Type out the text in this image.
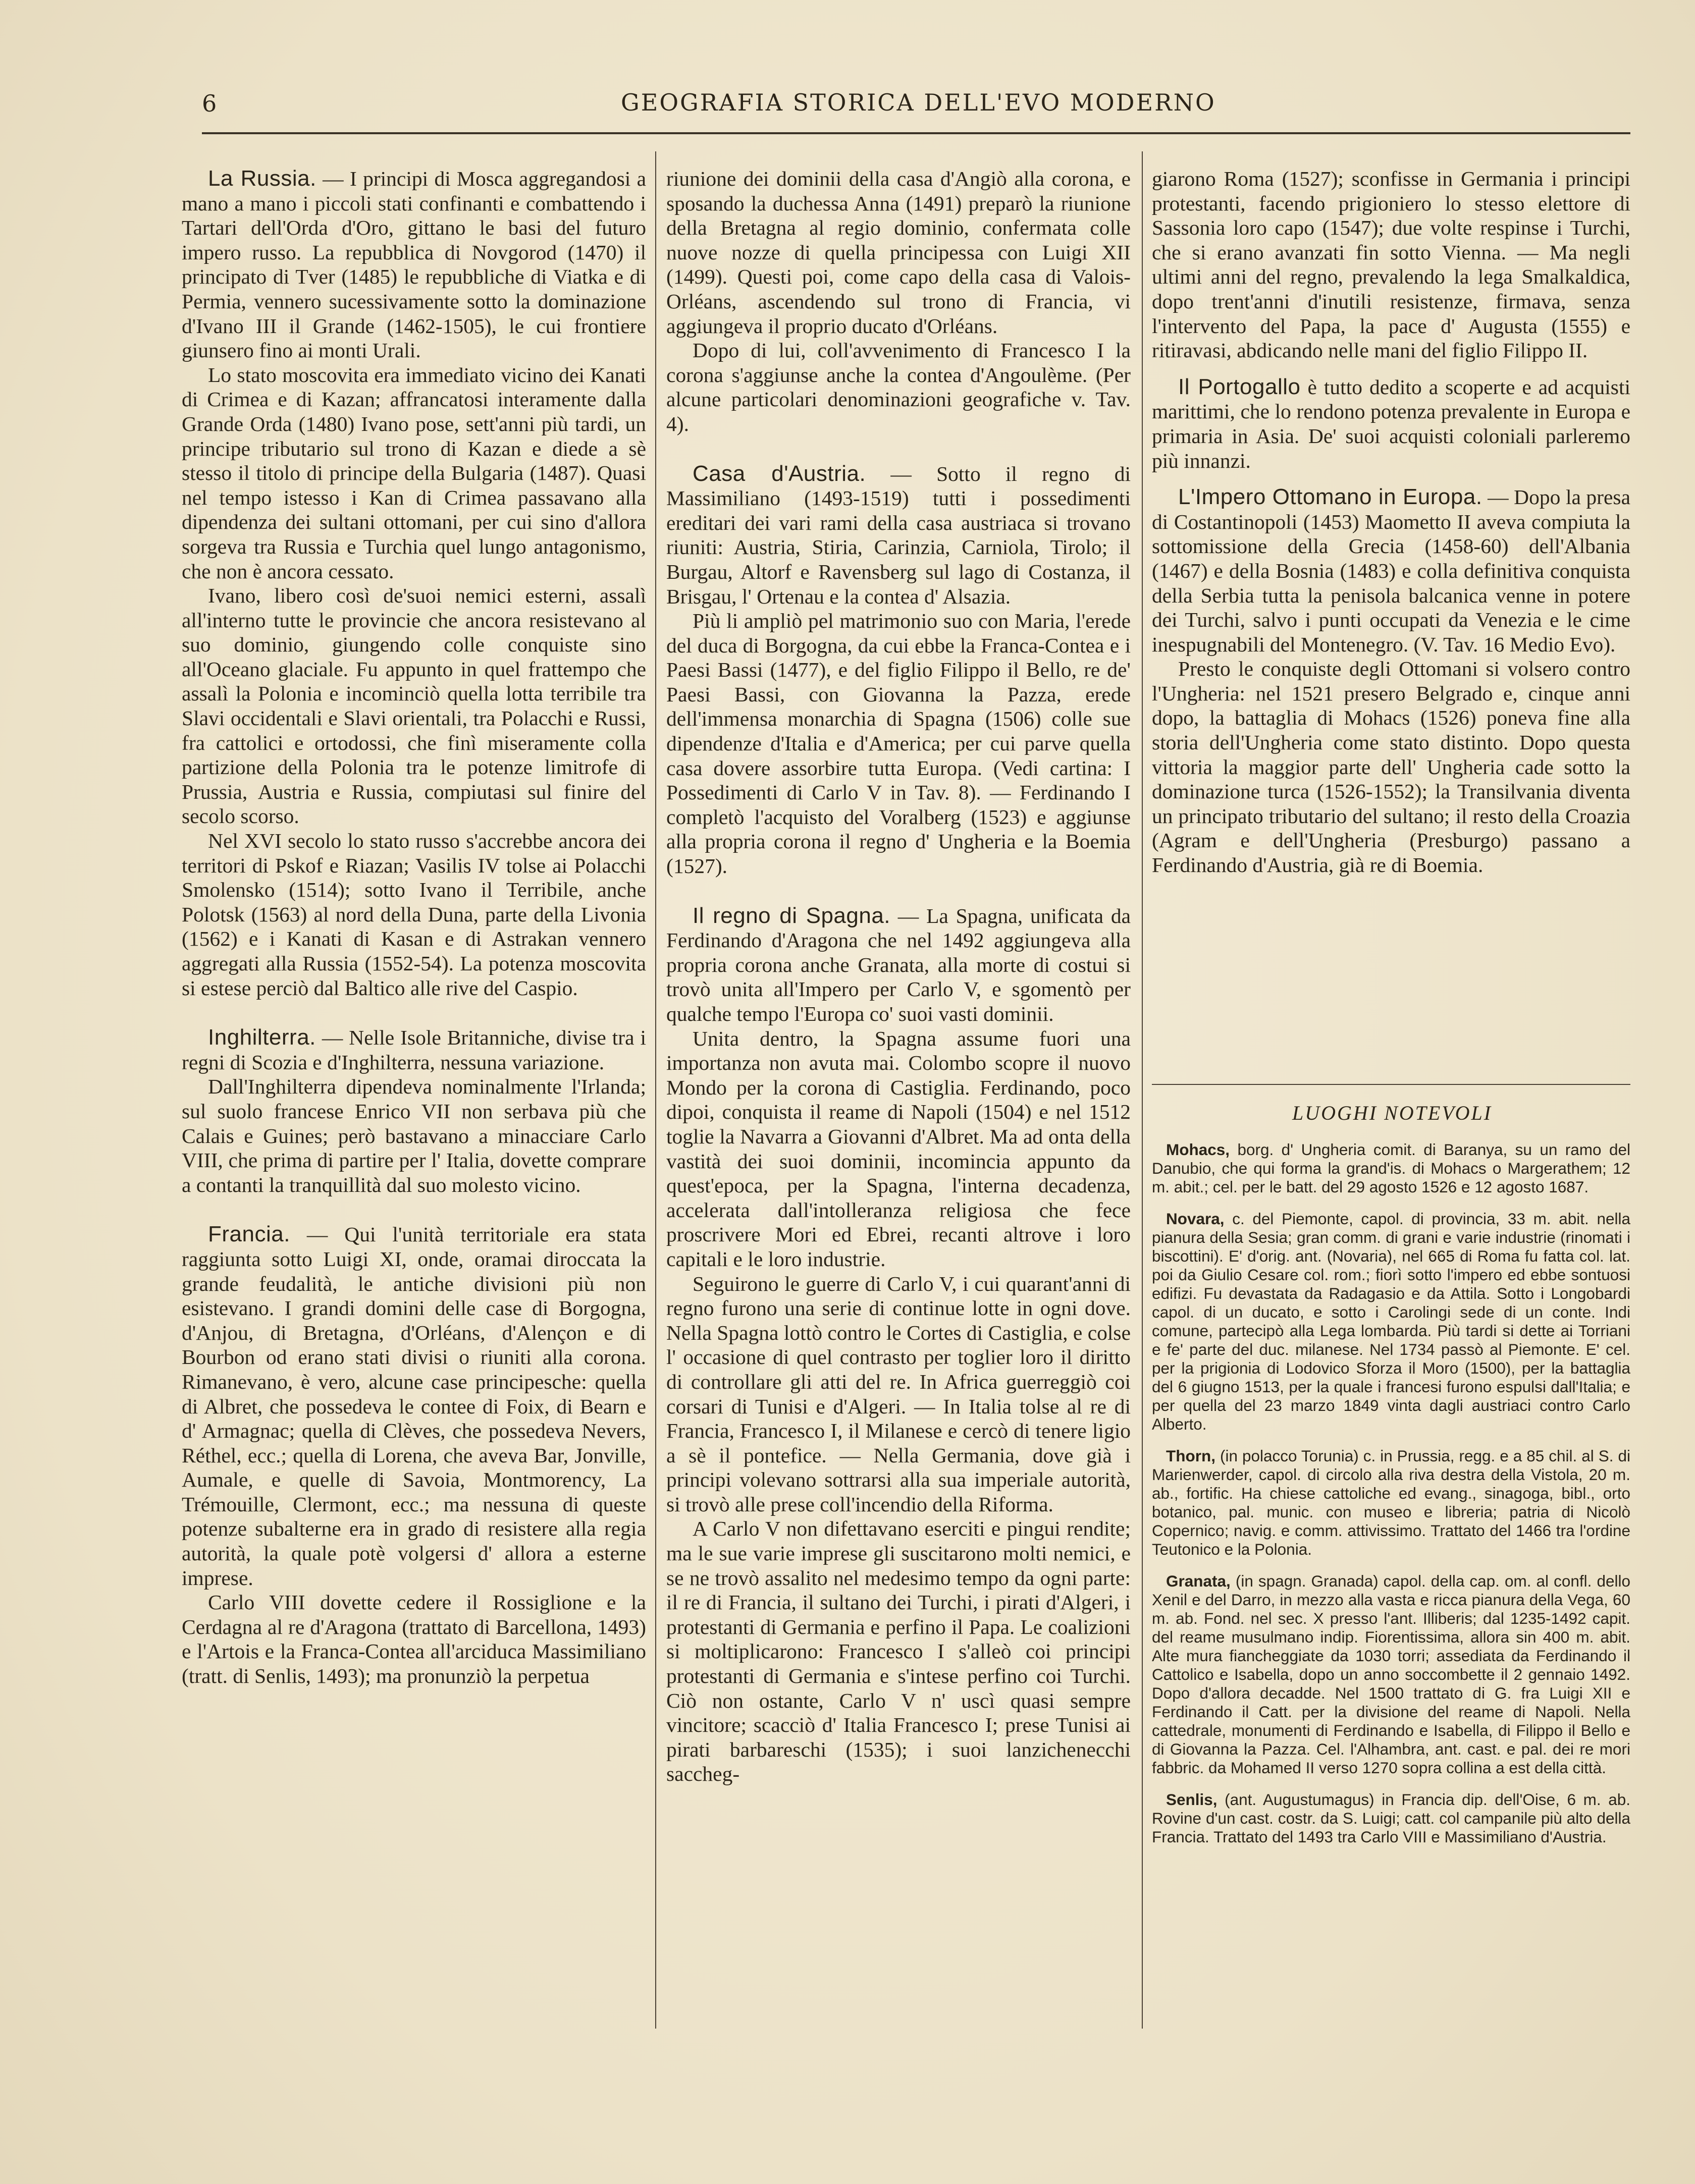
6	GEOGRAFIA STORICA DELL'EVO MODERNO

La Russia. — I principi di Mosca aggregandosi a mano a mano i piccoli stati confinanti e combattendo i Tartari dell'Orda d'Oro, gittano le basi del futuro impero russo. La repubblica di Novgorod (1470) il principato di Tver (1485) le repubbliche di Viatka e di Permia, vennero sucessivamente sotto la dominazione d'Ivano III il Grande (1462-1505), le cui frontiere giunsero fino ai monti Urali.

Lo stato moscovita era immediato vicino dei Kanati di Crimea e di Kazan; affrancatosi interamente dalla Grande Orda (1480) Ivano pose, sett'anni più tardi, un principe tributario sul trono di Kazan e diede a sè stesso il titolo di principe della Bulgaria (1487). Quasi nel tempo istesso i Kan di Crimea passavano alla dipendenza dei sultani ottomani, per cui sino d'allora sorgeva tra Russia e Turchia quel lungo antagonismo, che non è ancora cessato.

Ivano, libero così de'suoi nemici esterni, assalì all'interno tutte le provincie che ancora resistevano al suo dominio, giungendo colle conquiste sino all'Oceano glaciale. Fu appunto in quel frattempo che assalì la Polonia e incominciò quella lotta terribile tra Slavi occidentali e Slavi orientali, tra Polacchi e Russi, fra cattolici e ortodossi, che finì miseramente colla partizione della Polonia tra le potenze limitrofe di Prussia, Austria e Russia, compiutasi sul finire del secolo scorso.

Nel XVI secolo lo stato russo s'accrebbe ancora dei territori di Pskof e Riazan; Vasilis IV tolse ai Polacchi Smolensko (1514); sotto Ivano il Terribile, anche Polotsk (1563) al nord della Duna, parte della Livonia (1562) e i Kanati di Kasan e di Astrakan vennero aggregati alla Russia (1552-54). La potenza moscovita si estese perciò dal Baltico alle rive del Caspio.

Inghilterra. — Nelle Isole Britanniche, divise tra i regni di Scozia e d'Inghilterra, nessuna variazione.

Dall'Inghilterra dipendeva nominalmente l'Irlanda; sul suolo francese Enrico VII non serbava più che Calais e Guines; però bastavano a minacciare Carlo VIII, che prima di partire per l' Italia, dovette comprare a contanti la tranquillità dal suo molesto vicino.

Francia. — Qui l'unità territoriale era stata raggiunta sotto Luigi XI, onde, oramai diroccata la grande feudalità, le antiche divisioni più non esistevano. I grandi domini delle case di Borgogna, d'Anjou, di Bretagna, d'Orléans, d'Alençon e di Bourbon od erano stati divisi o riuniti alla corona. Rimanevano, è vero, alcune case principesche: quella di Albret, che possedeva le contee di Foix, di Bearn e d' Armagnac; quella di Clèves, che possedeva Nevers, Réthel, ecc.; quella di Lorena, che aveva Bar, Jonville, Aumale, e quelle di Savoia, Montmorency, La Trémouille, Clermont, ecc.; ma nessuna di queste potenze subalterne era in grado di resistere alla regia autorità, la quale potè volgersi d' allora a esterne imprese.

Carlo VIII dovette cedere il Rossiglione e la Cerdagna al re d'Aragona (trattato di Barcellona, 1493) e l'Artois e la Franca-Contea all'arciduca Massimiliano (tratt. di Senlis, 1493); ma pronunziò la perpetua

riunione dei dominii della casa d'Angiò alla corona, e sposando la duchessa Anna (1491) preparò la riunione della Bretagna al regio dominio, confermata colle nuove nozze di quella principessa con Luigi XII (1499). Questi poi, come capo della casa di Valois-Orléans, ascendendo sul trono di Francia, vi aggiungeva il proprio ducato d'Orléans.

Dopo di lui, coll'avvenimento di Francesco I la corona s'aggiunse anche la contea d'Angoulème. (Per alcune particolari denominazioni geografiche v. Tav. 4).

Casa d'Austria. — Sotto il regno di Massimiliano (1493-1519) tutti i possedimenti ereditari dei vari rami della casa austriaca si trovano riuniti: Austria, Stiria, Carinzia, Carniola, Tirolo; il Burgau, Altorf e Ravensberg sul lago di Costanza, il Brisgau, l' Ortenau e la contea d' Alsazia.

Più li ampliò pel matrimonio suo con Maria, l'erede del duca di Borgogna, da cui ebbe la Franca-Contea e i Paesi Bassi (1477), e del figlio Filippo il Bello, re de' Paesi Bassi, con Giovanna la Pazza, erede dell'immensa monarchia di Spagna (1506) colle sue dipendenze d'Italia e d'America; per cui parve quella casa dovere assorbire tutta Europa. (Vedi cartina: I Possedimenti di Carlo V in Tav. 8). — Ferdinando I completò l'acquisto del Voralberg (1523) e aggiunse alla propria corona il regno d' Ungheria e la Boemia (1527).

Il regno di Spagna. — La Spagna, unificata da Ferdinando d'Aragona che nel 1492 aggiungeva alla propria corona anche Granata, alla morte di costui si trovò unita all'Impero per Carlo V, e sgomentò per qualche tempo l'Europa co' suoi vasti dominii.

Unita dentro, la Spagna assume fuori una importanza non avuta mai. Colombo scopre il nuovo Mondo per la corona di Castiglia. Ferdinando, poco dipoi, conquista il reame di Napoli (1504) e nel 1512 toglie la Navarra a Giovanni d'Albret. Ma ad onta della vastità dei suoi dominii, incomincia appunto da quest'epoca, per la Spagna, l'interna decadenza, accelerata dall'intolleranza religiosa che fece proscrivere Mori ed Ebrei, recanti altrove i loro capitali e le loro industrie.

Seguirono le guerre di Carlo V, i cui quarant'anni di regno furono una serie di continue lotte in ogni dove. Nella Spagna lottò contro le Cortes di Castiglia, e colse l' occasione di quel contrasto per toglier loro il diritto di controllare gli atti del re. In Africa guerreggiò coi corsari di Tunisi e d'Algeri. — In Italia tolse al re di Francia, Francesco I, il Milanese e cercò di tenere ligio a sè il pontefice. — Nella Germania, dove già i principi volevano sottrarsi alla sua imperiale autorità, si trovò alle prese coll'incendio della Riforma.

A Carlo V non difettavano eserciti e pingui rendite; ma le sue varie imprese gli suscitarono molti nemici, e se ne trovò assalito nel medesimo tempo da ogni parte: il re di Francia, il sultano dei Turchi, i pirati d'Algeri, i protestanti di Germania e perfino il Papa. Le coalizioni si moltiplicarono: Francesco I s'alleò coi principi protestanti di Germania e s'intese perfino coi Turchi. Ciò non ostante, Carlo V n' uscì quasi sempre vincitore; scacciò d' Italia Francesco I; prese Tunisi ai pirati barbareschi (1535); i suoi lanzichenecchi saccheg-

giarono Roma (1527); sconfisse in Germania i principi protestanti, facendo prigioniero lo stesso elettore di Sassonia loro capo (1547); due volte respinse i Turchi, che si erano avanzati fin sotto Vienna. — Ma negli ultimi anni del regno, prevalendo la lega Smalkaldica, dopo trent'anni d'inutili resistenze, firmava, senza l'intervento del Papa, la pace d' Augusta (1555) e ritiravasi, abdicando nelle mani del figlio Filippo II.

Il Portogallo è tutto dedito a scoperte e ad acquisti marittimi, che lo rendono potenza prevalente in Europa e primaria in Asia. De' suoi acquisti coloniali parleremo più innanzi.

L'Impero Ottomano in Europa. — Dopo la presa di Costantinopoli (1453) Maometto II aveva compiuta la sottomissione della Grecia (1458-60) dell'Albania (1467) e della Bosnia (1483) e colla definitiva conquista della Serbia tutta la penisola balcanica venne in potere dei Turchi, salvo i punti occupati da Venezia e le cime inespugnabili del Montenegro. (V. Tav. 16 Medio Evo).

Presto le conquiste degli Ottomani si volsero contro l'Ungheria: nel 1521 presero Belgrado e, cinque anni dopo, la battaglia di Mohacs (1526) poneva fine alla storia dell'Ungheria come stato distinto. Dopo questa vittoria la maggior parte dell' Ungheria cade sotto la dominazione turca (1526-1552); la Transilvania diventa un principato tributario del sultano; il resto della Croazia (Agram e dell'Ungheria (Presburgo) passano a Ferdinando d'Austria, già re di Boemia.

LUOGHI NOTEVOLI

Mohacs, borg. d' Ungheria comit. di Baranya, su un ramo del Danubio, che qui forma la grand'is. di Mohacs o Margerathem; 12 m. abit.; cel. per le batt. del 29 agosto 1526 e 12 agosto 1687.

Novara, c. del Piemonte, capol. di provincia, 33 m. abit. nella pianura della Sesia; gran comm. di grani e varie industrie (rinomati i biscottini). E' d'orig. ant. (Novaria), nel 665 di Roma fu fatta col. lat. poi da Giulio Cesare col. rom.; fiorì sotto l'impero ed ebbe sontuosi edifizi. Fu devastata da Radagasio e da Attila. Sotto i Longobardi capol. di un ducato, e sotto i Carolingi sede di un conte. Indi comune, partecipò alla Lega lombarda. Più tardi si dette ai Torriani e fe' parte del duc. milanese. Nel 1734 passò al Piemonte. E' cel. per la prigionia di Lodovico Sforza il Moro (1500), per la battaglia del 6 giugno 1513, per la quale i francesi furono espulsi dall'Italia; e per quella del 23 marzo 1849 vinta dagli austriaci contro Carlo Alberto.

Thorn, (in polacco Torunia) c. in Prussia, regg. e a 85 chil. al S. di Marienwerder, capol. di circolo alla riva destra della Vistola, 20 m. ab., fortific. Ha chiese cattoliche ed evang., sinagoga, bibl., orto botanico, pal. munic. con museo e libreria; patria di Nicolò Copernico; navig. e comm. attivissimo. Trattato del 1466 tra l'ordine Teutonico e la Polonia.

Granata, (in spagn. Granada) capol. della cap. om. al confl. dello Xenil e del Darro, in mezzo alla vasta e ricca pianura della Vega, 60 m. ab. Fond. nel sec. X presso l'ant. Illiberis; dal 1235-1492 capit. del reame musulmano indip. Fiorentissima, allora sin 400 m. abit. Alte mura fiancheggiate da 1030 torri; assediata da Ferdinando il Cattolico e Isabella, dopo un anno soccombette il 2 gennaio 1492. Dopo d'allora decadde. Nel 1500 trattato di G. fra Luigi XII e Ferdinando il Catt. per la divisione del reame di Napoli. Nella cattedrale, monumenti di Ferdinando e Isabella, di Filippo il Bello e di Giovanna la Pazza. Cel. l'Alhambra, ant. cast. e pal. dei re mori fabbric. da Mohamed II verso 1270 sopra collina a est della città.

Senlis, (ant. Augustumagus) in Francia dip. dell'Oise, 6 m. ab. Rovine d'un cast. costr. da S. Luigi; catt. col campanile più alto della Francia. Trattato del 1493 tra Carlo VIII e Massimiliano d'Austria.
